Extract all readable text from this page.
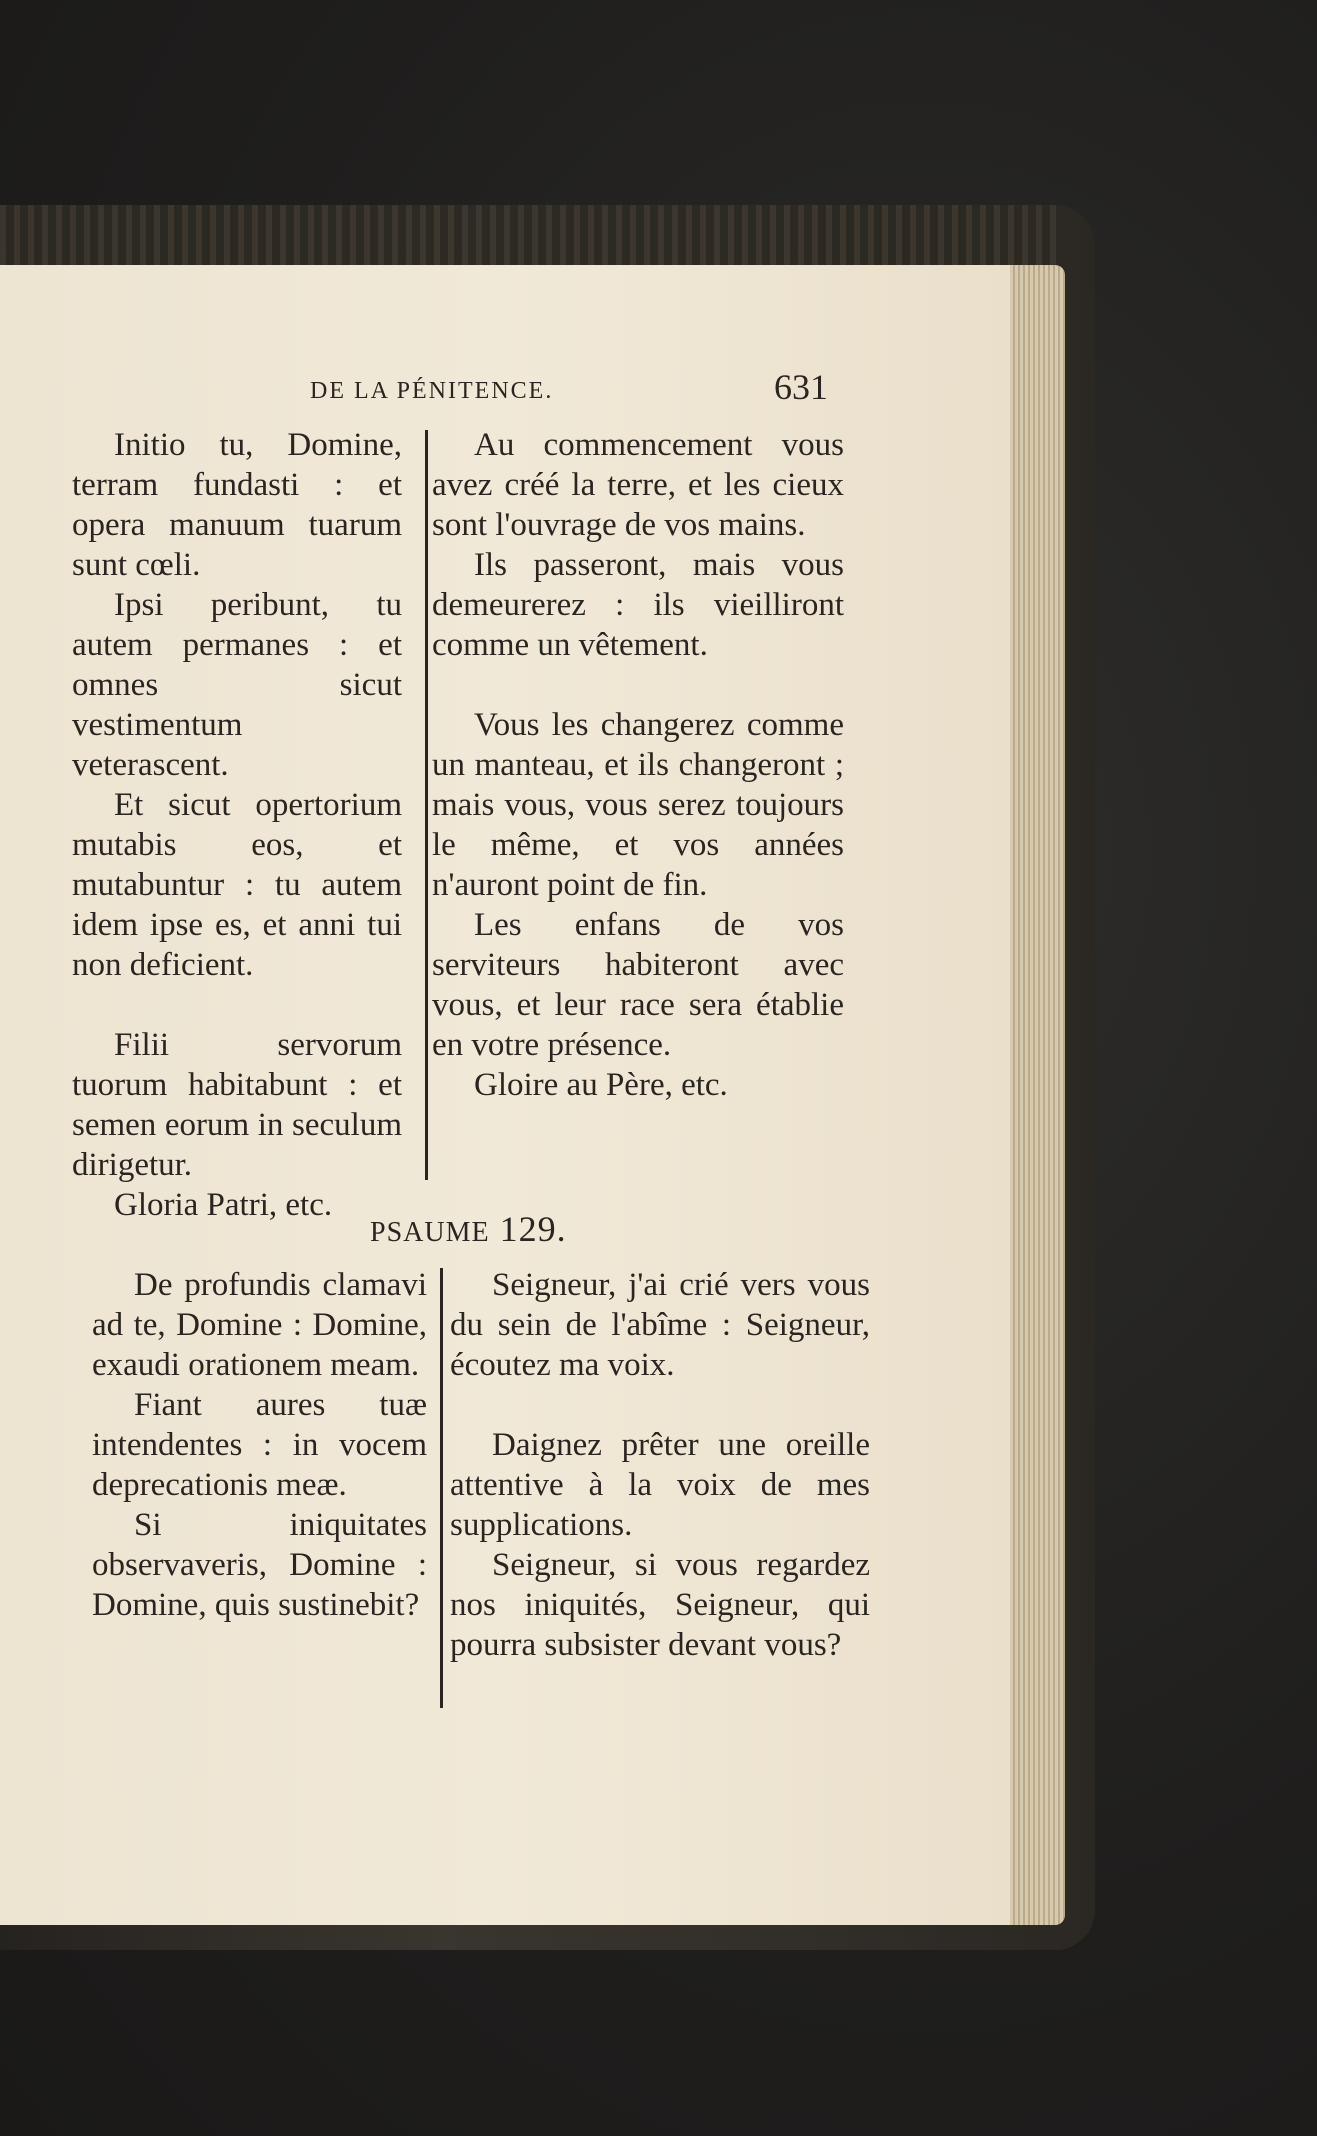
DE LA PÉNITENCE.	631

Initio tu, Domine, terram fundasti : et opera manuum tuarum sunt cœli.

Ipsi peribunt, tu autem permanes : et omnes sicut vestimentum veterascent.

Et sicut opertorium mutabis eos, et mutabuntur : tu autem idem ipse es, et anni tui non deficient.

Filii servorum tuorum habitabunt : et semen eorum in seculum dirigetur.

Gloria Patri, etc.

Au commencement vous avez créé la terre, et les cieux sont l'ouvrage de vos mains.

Ils passeront, mais vous demeurerez : ils vieilliront comme un vêtement.

Vous les changerez comme un manteau, et ils changeront ; mais vous, vous serez toujours le même, et vos années n'auront point de fin.

Les enfans de vos serviteurs habiteront avec vous, et leur race sera établie en votre présence.

Gloire au Père, etc.

PSAUME 129.

De profundis clamavi ad te, Domine : Domine, exaudi orationem meam.

Fiant aures tuæ intendentes : in vocem deprecationis meæ.

Si iniquitates observaveris, Domine : Domine, quis sustinebit?

Seigneur, j'ai crié vers vous du sein de l'abîme : Seigneur, écoutez ma voix.

Daignez prêter une oreille attentive à la voix de mes supplications.

Seigneur, si vous regardez nos iniquités, Seigneur, qui pourra subsister devant vous?
